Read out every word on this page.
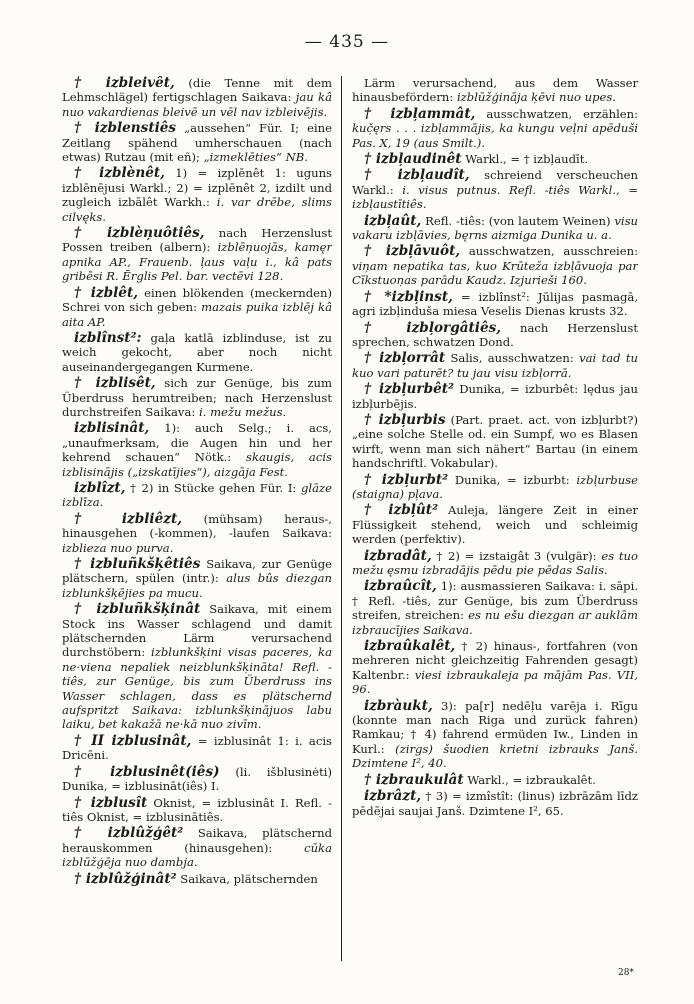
— 435 —

† izbleivêt, (die Tenne mit dem Lehmschlägel) fertigschlagen Saikava: jau kâ nuo vakardienas bleivē un vēl nav izbleivējis.

† izblenstiês „aussehen“ Für. I; eine Zeitlang spähend umherschauen (nach etwas) Rutzau (mit eñ); „izmeklēties“ NB.

† izblènêt, 1) = izplēnêt 1: uguns izblēnējusi Warkl.; 2) = izplēnêt 2, izdilt und zugleich izbālêt Warkh.: i. var drēbe, slims cilvęks.

† izblèņuôtiês, nach Herzenslust Possen treiben (albern): izblēņuojās, kamęr apnika AP., Frauenb. ļaus vaļu i., kâ pats gribēsi R. Ērglis Pel. bar. vectēvi 128.

† izblêt, einen blökenden (meckernden) Schrei von sich geben: mazais puika izblēj kâ aita AP.

izblînst²: gaļa katlā izblinduse, ist zu weich gekocht, aber noch nicht auseinandergegangen Kurmene.

† izblisêt, sich zur Genüge, bis zum Überdruss herumtreiben; nach Herzenslust durchstreifen Saikava: i. mežu mežus.

izblisinât, 1): auch Selg.; i. acs, „unaufmerksam, die Augen hin und her kehrend schauen“ Nötk.: skaugis, acis izblisinājis („izskatījies“), aizgāja Fest.

izblîzt, † 2) in Stücke gehen Für. I: glāze izblīza.

† izbliêzt, (mühsam) heraus-, hinausgehen (-kommen), -laufen Saikava: izblieza nuo purva.

† izbluñkšķêtiês Saikava, zur Genüge plätschern, spülen (intr.): alus bûs diezgan izblunkšķējies pa mucu.

† izbluñkšķinât Saikava, mit einem Stock ins Wasser schlagend und damit plätschernden Lärm verursachend durchstöbern: izblunkšķini visas paceres, ka ne·viena nepaliek neizblunkšķināta! Refl. -tiês, zur Genüge, bis zum Überdruss ins Wasser schlagen, dass es plätschernd aufspritzt Saikava: izblunkšķinājuos labu laiku, bet kakažā ne·kā nuo zivīm.

† II izblusinât, = izblusinât 1: i. acis Dricēni.

† izblusinêt(iês) (li. išblusinėti) Dunika, = izblusināt(iês) I.

† izblusît Oknist, = izblusinât I. Refl. -tiês Oknist, = izblusinātiês.

† izblûžģêt² Saikava, plätschernd herauskommen (hinausgehen):	cūka izblūžģēja nuo dambja.

† izblûžģinât² Saikava, plätschernden

Lärm verursachend, aus dem Wasser hinausbefördern: izblūžģināja ķēvi nuo upes.

† izbļammât, ausschwatzen, erzählen: kuč̦ęrs . . . izbļammājis, ka kungu veļni apēduši Pas. X, 19 (aus Smilt.).

† izbļaudinêt Warkl., = † izbļaudīt.

† izbļaudît, schreiend verscheuchen Warkl.: i. visus putnus. Refl. -tiês Warkl., = izbļaustītiês.

izbļaût, Refl. -tiês: (von lautem Weinen) visu vakaru izbļāvies, bęrns aizmiga Dunika u. a.

† izbļāvuôt, ausschwatzen, ausschreien: viņam nepatika tas, kuo Krūteža izbļāvuoja par Cīkstuoņas parādu Kaudz. Izjurieši 160.

† *izbļinst, = izblînst²: Jūlijas pasmagā, agri izbļinduša miesa Veselis Dienas krusts 32.

† izbļorgâtiês, nach Herzenslust sprechen, schwatzen Dond.

† izbļorrât Salis, ausschwatzen: vai tad tu kuo vari paturēt? tu jau visu izbļorrā.

† izbļurbêt² Dunika, = izburbêt: lędus jau izbļurbējis.

† izbļurbis (Part. praet. act. von izbļurbt?) „eine solche Stelle od. ein Sumpf, wo es Blasen wirft, wenn man sich nähert“ Bartau (in einem handschriftl. Vokabular).

† izbļurbt² Dunika, = izburbt: izbļurbuse (staigna) pļava.

† izbļût² Auleja, längere Zeit in einer Flüssigkeit stehend, weich und schleimig werden (perfektiv).

izbradât, † 2) = izstaigât 3 (vulgär): es tuo mežu ęsmu izbradājis pēdu pie pēdas Salis.

izbraûcît, 1): ausmassieren Saikava: i. sāpi. † Refl. -tiês, zur Genüge, bis zum Überdruss streifen, streichen: es nu ešu diezgan ar auklām izbraucījies Saikava.

izbraûkalêt, † 2) hinaus-, fortfahren (von mehreren nicht gleichzeitig Fahrenden gesagt) Kaltenbr.: viesi izbraukaleja pa mājām Pas. VII, 96.

izbràukt, 3): pa[r] nedēļu varēja i. Rīgu (konnte man nach Riga und zurück fahren) Ramkau; † 4) fahrend ermüden Iw., Linden in Kurl.: (zirgs) šuodien krietni izbrauks Janš. Dzimtene I², 40.

† izbraukulât Warkl., = izbraukalêt.

izbrâzt, † 3) = izmîstît: (linus) izbrāzām līdz pēdējai saujai Janš. Dzimtene I², 65.

28*
